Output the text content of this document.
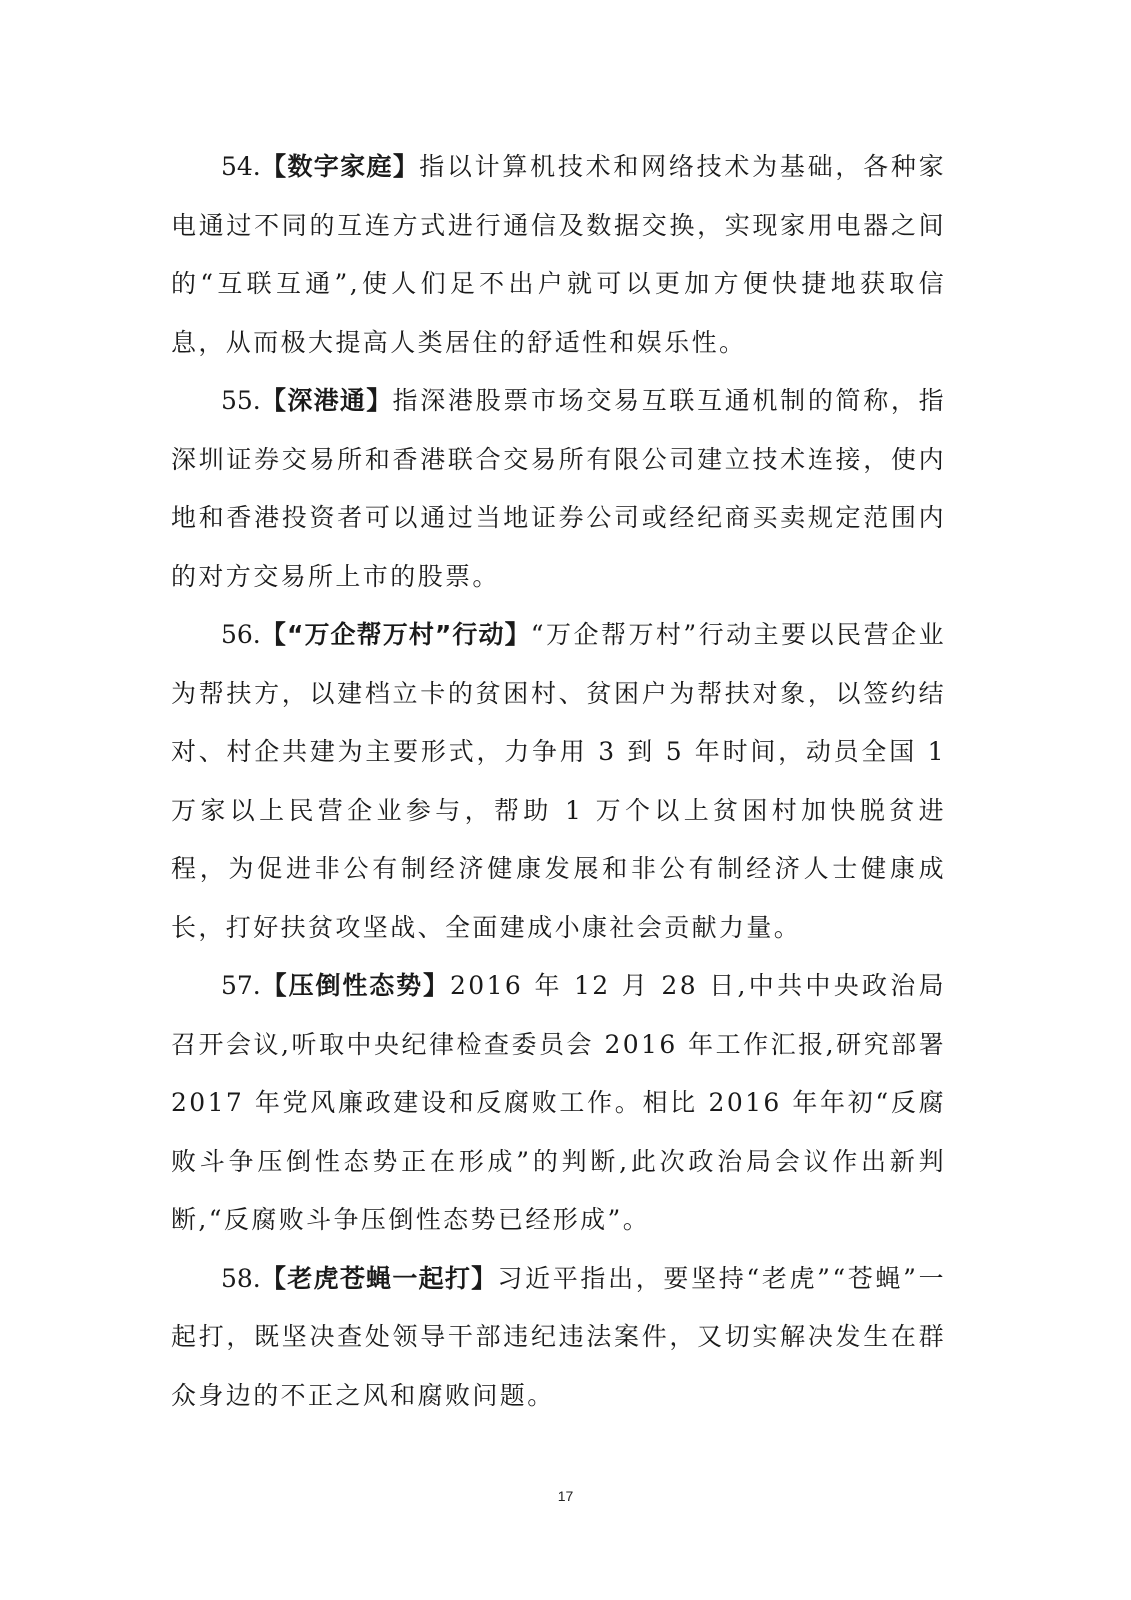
54.【数字家庭】指以计算机技术和网络技术为基础，各种家电通过不同的互连方式进行通信及数据交换，实现家用电器之间的“互联互通”,使人们足不出户就可以更加方便快捷地获取信息，从而极大提高人类居住的舒适性和娱乐性。

55.【深港通】指深港股票市场交易互联互通机制的简称，指深圳证券交易所和香港联合交易所有限公司建立技术连接，使内地和香港投资者可以通过当地证券公司或经纪商买卖规定范围内的对方交易所上市的股票。

56.【“万企帮万村”行动】“万企帮万村”行动主要以民营企业为帮扶方，以建档立卡的贫困村、贫困户为帮扶对象，以签约结对、村企共建为主要形式，力争用 3 到 5 年时间，动员全国 1 万家以上民营企业参与，帮助 1 万个以上贫困村加快脱贫进程，为促进非公有制经济健康发展和非公有制经济人士健康成长，打好扶贫攻坚战、全面建成小康社会贡献力量。

57.【压倒性态势】2016 年 12 月 28 日,中共中央政治局召开会议,听取中央纪律检查委员会 2016 年工作汇报,研究部署 2017 年党风廉政建设和反腐败工作。相比 2016 年年初“反腐败斗争压倒性态势正在形成”的判断,此次政治局会议作出新判断,“反腐败斗争压倒性态势已经形成”。

58.【老虎苍蝇一起打】习近平指出，要坚持“老虎”“苍蝇”一起打，既坚决查处领导干部违纪违法案件，又切实解决发生在群众身边的不正之风和腐败问题。

17
